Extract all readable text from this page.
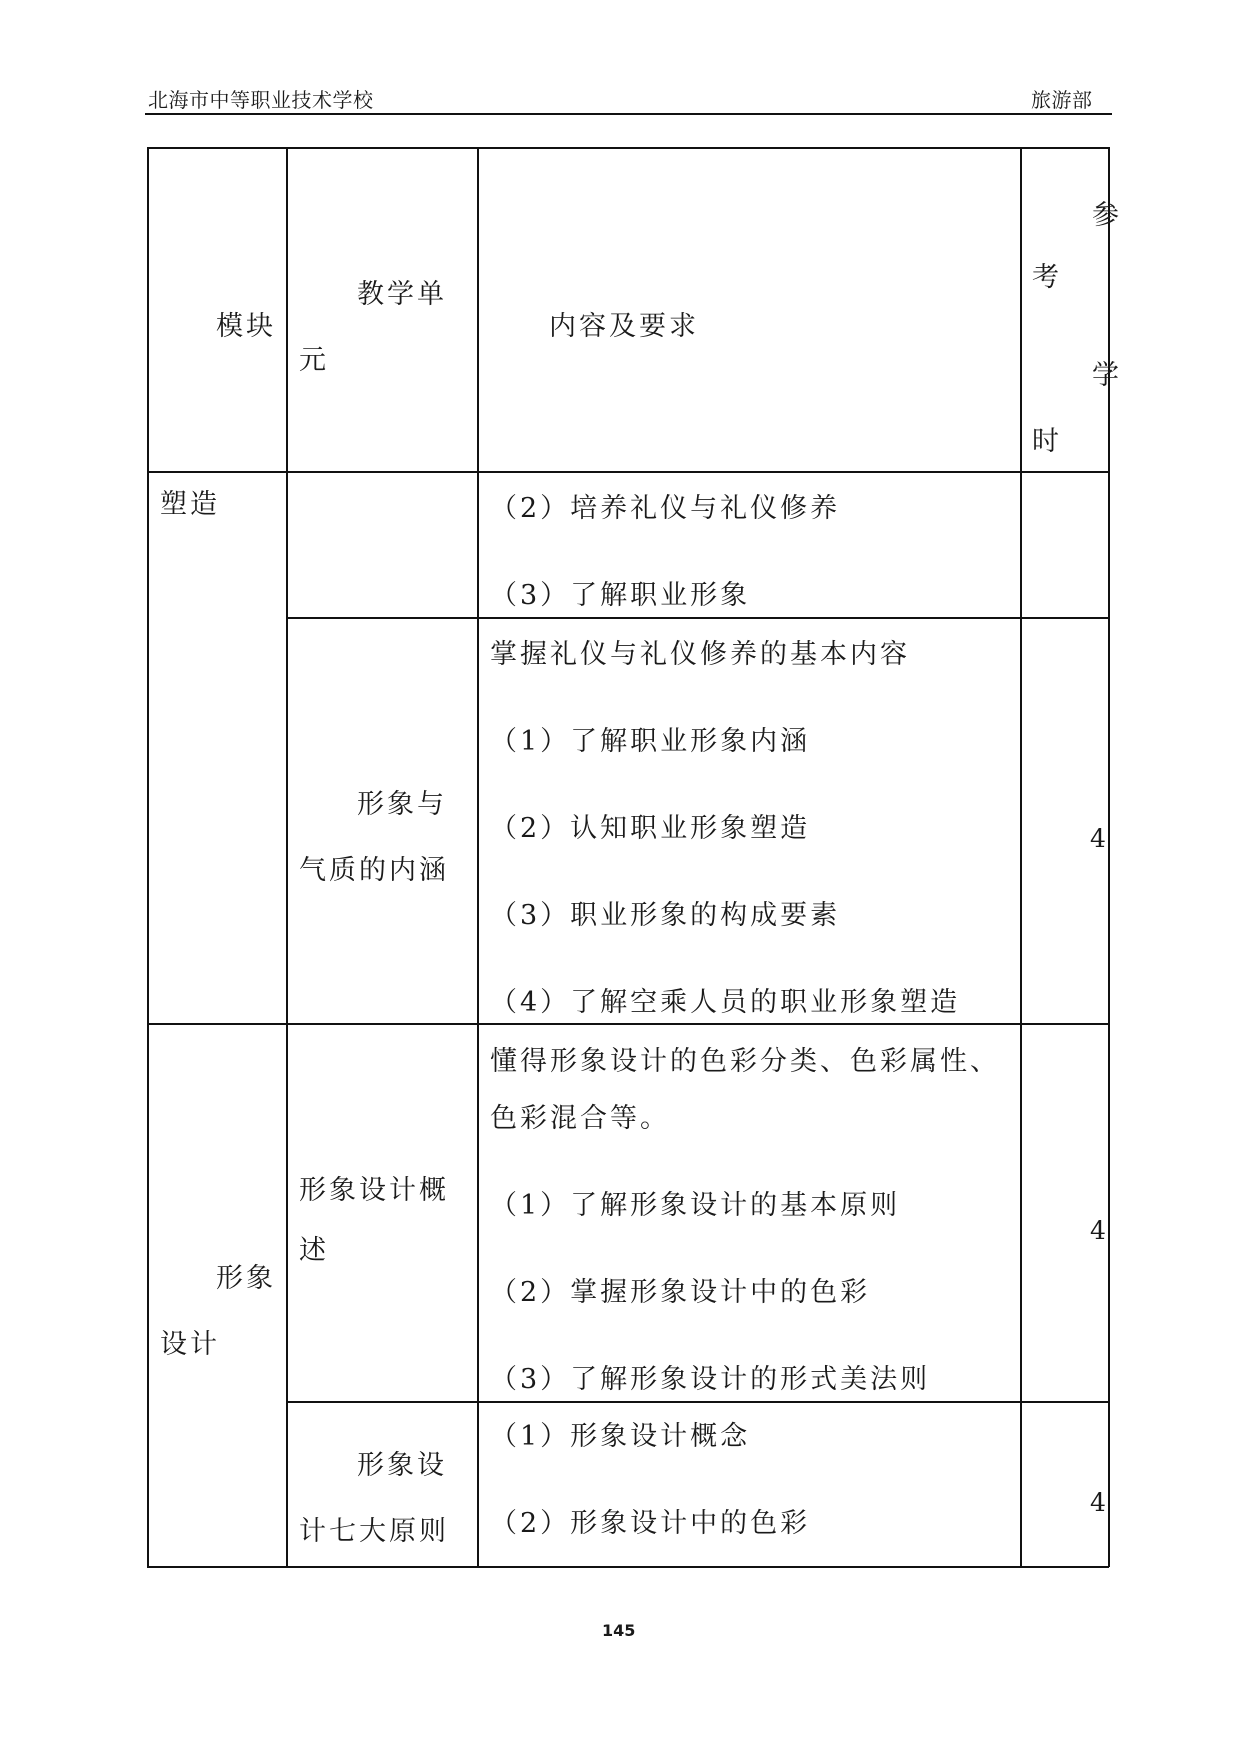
北海市中等职业技术学校	旅游部
模块
教学单
元
内容及要求
参
考
学
时
塑造	（2）培养礼仪与礼仪修养
（3）了解职业形象
形象与
气质的内涵
掌握礼仪与礼仪修养的基本内容
（1）了解职业形象内涵
（2）认知职业形象塑造
（3）职业形象的构成要素
（4）了解空乘人员的职业形象塑造
4
形象
设计
形象设计概
述
懂得形象设计的色彩分类、色彩属性、
色彩混合等。
（1）了解形象设计的基本原则
（2）掌握形象设计中的色彩
（3）了解形象设计的形式美法则
4
形象设
计七大原则
（1）形象设计概念
（2）形象设计中的色彩
4
145
